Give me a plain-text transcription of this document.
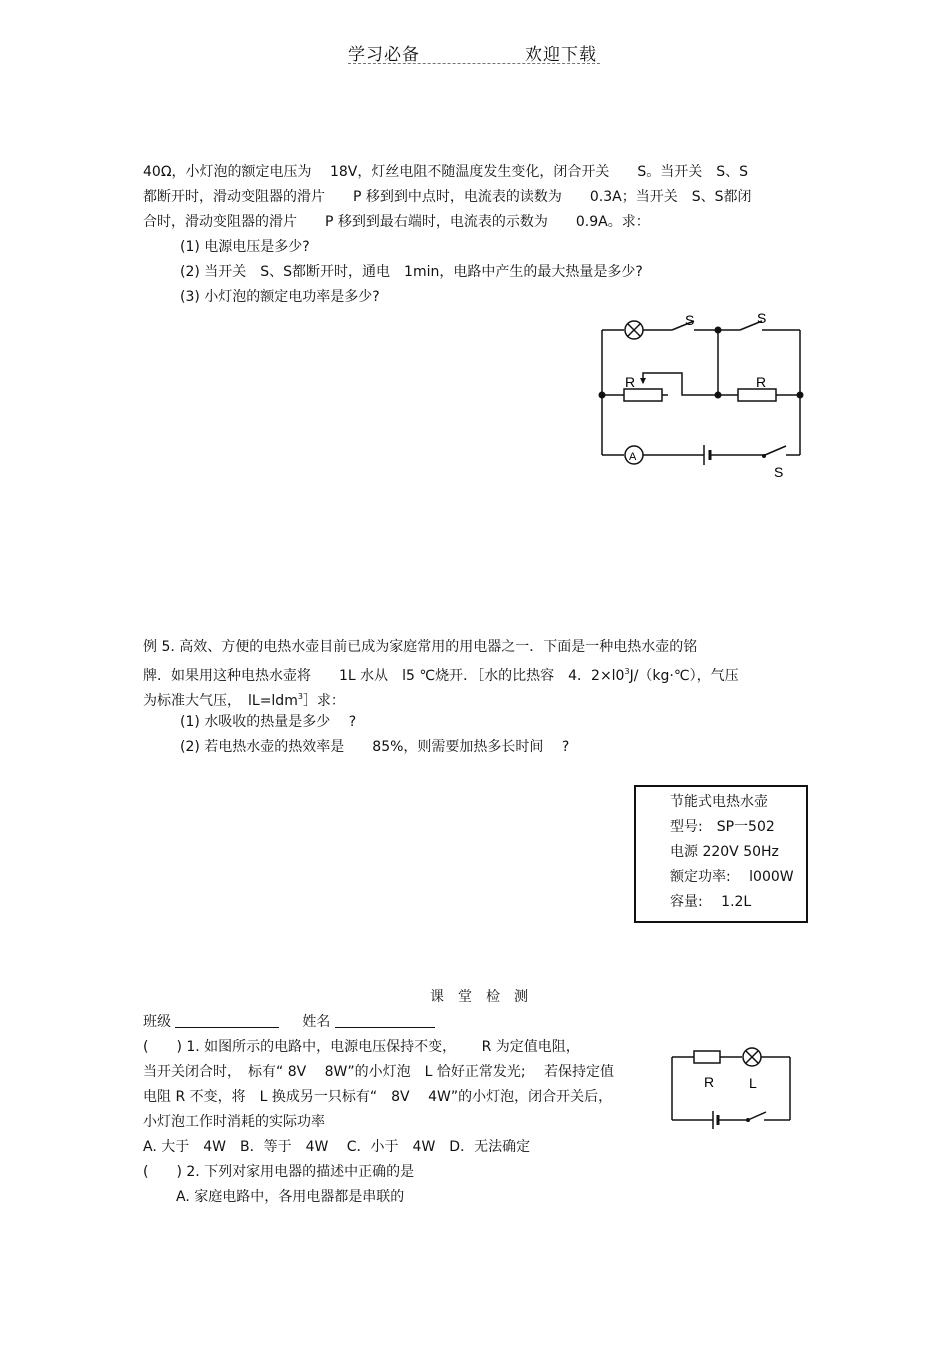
学习必备	欢迎下载
40Ω，小灯泡的额定电压为　 18V，灯丝电阻不随温度发生变化，闭合开关　　S。当开关　S、S
都断开时，滑动变阻器的滑片　　P 移到到中点时，电流表的读数为　　0.3A；当开关　S、S都闭
合时，滑动变阻器的滑片　　P 移到到最右端时，电流表的示数为　　0.9A。求：
(1) 电源电压是多少?
(2) 当开关　S、S都断开时，通电　1min，电路中产生的最大热量是多少?
(3) 小灯泡的额定电功率是多少?
S	S
R	R
A
S
例 5. 高效、方便的电热水壶目前已成为家庭常用的用电器之一．下面是一种电热水壶的铭
牌．如果用这种电热水壶将　　1L 水从　l5 ℃烧开．［水的比热容　4．$2\times l0^3J/(kg\cdot℃)$，气压
为标准大气压，　lL=ldm$^3$］求：
(1) 水吸收的热量是多少　 ?
(2) 若电热水壶的热效率是　　85%，则需要加热多长时间　 ?
节能式电热水壶
型号:　SP一502
电源 220V 50Hz
额定功率:　 l000W
容量:　 1.2L
课　堂　检　测
班级	姓名
(　　) 1. 如图所示的电路中，电源电压保持不变，　　 R 为定值电阻，
当开关闭合时，　标有“ 8V　 8W”的小灯泡　L 恰好正常发光;　 若保持定值
电阻 R 不变，将　L 换成另一只标有“　8V　 4W”的小灯泡，闭合开关后，
小灯泡工作时消耗的实际功率
A. 大于　4W　B．等于　4W　 C．小于　4W　D．无法确定
(　　) 2. 下列对家用电器的描述中正确的是
A. 家庭电路中，各用电器都是串联的
R L
